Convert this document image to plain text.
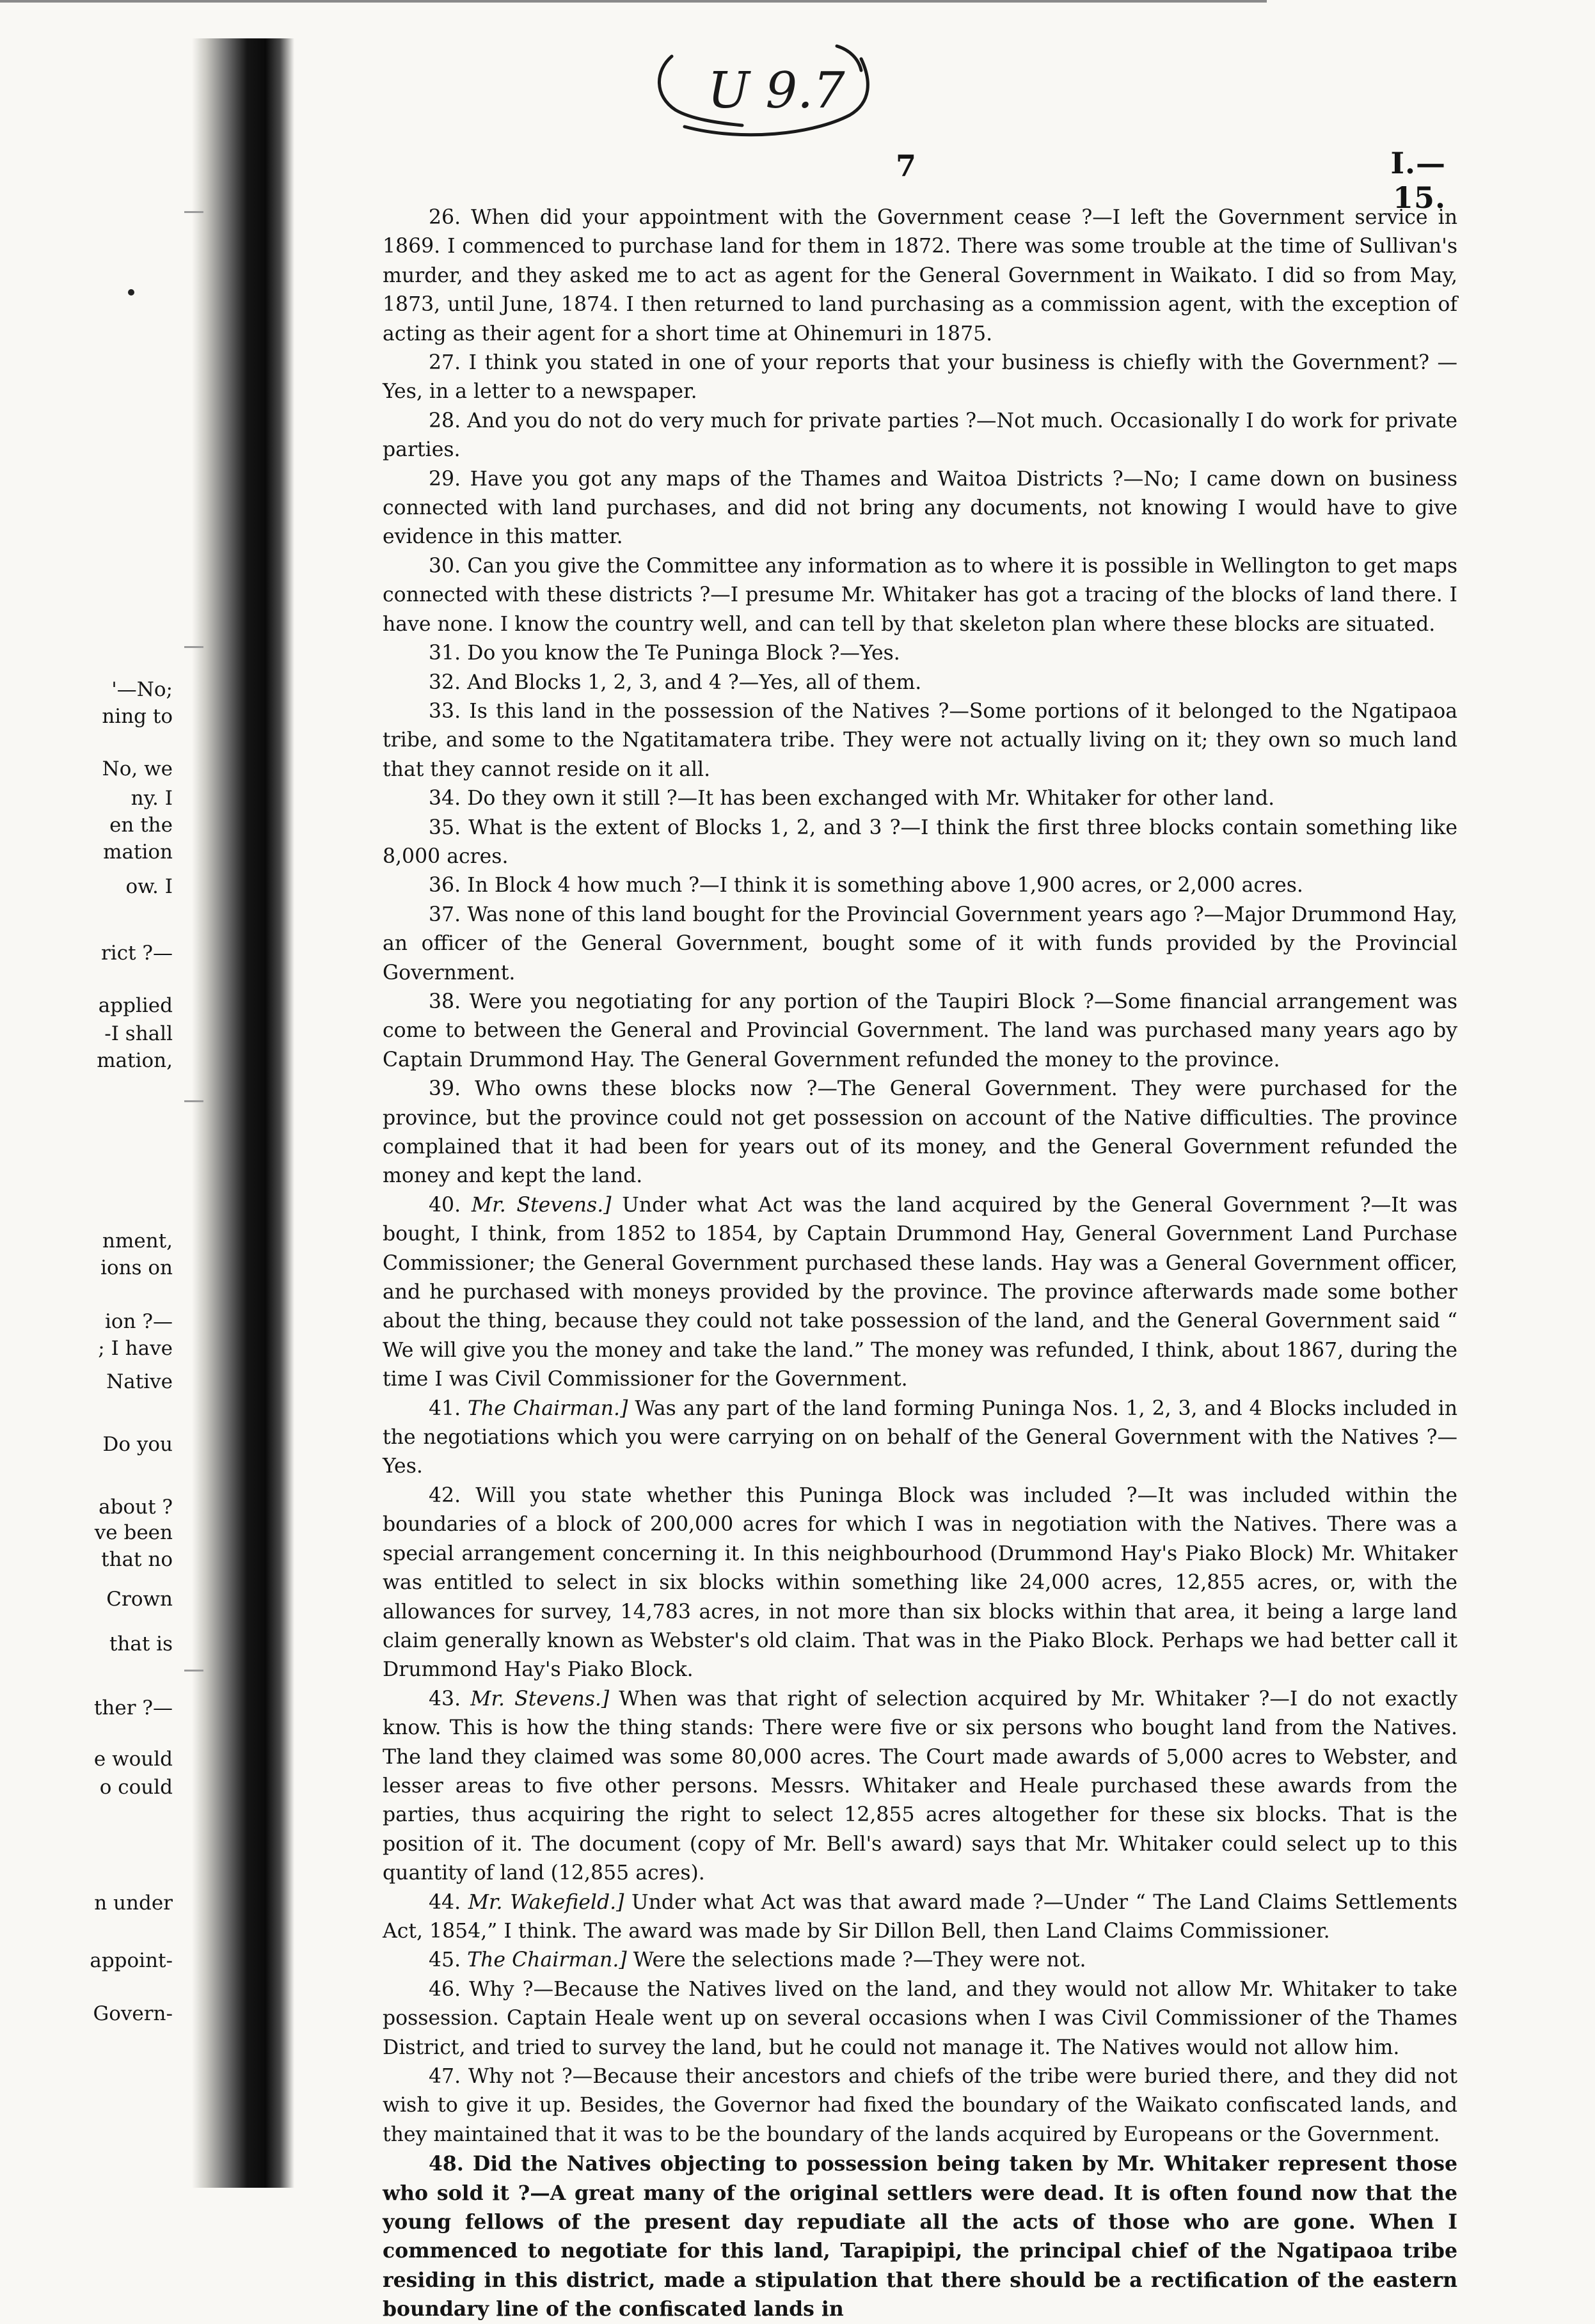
'—No;
ning to
No, we
ny. I
en the
mation
ow. I
rict ?—
applied
-I shall
mation,
nment,
ions on
ion ?—
; I have
Native
Do you
about ?
ve been
that no
Crown
that is
ther ?—
e would
o could
n under
appoint-
Govern-
U 9.7
7	I.—15.

26. When did your appointment with the Government cease ?—I left the Government service in 1869. I commenced to purchase land for them in 1872. There was some trouble at the time of Sullivan's murder, and they asked me to act as agent for the General Government in Waikato. I did so from May, 1873, until June, 1874. I then returned to land purchasing as a commission agent, with the exception of acting as their agent for a short time at Ohinemuri in 1875.

27. I think you stated in one of your reports that your business is chiefly with the Government? —Yes, in a letter to a newspaper.

28. And you do not do very much for private parties ?—Not much. Occasionally I do work for private parties.

29. Have you got any maps of the Thames and Waitoa Districts ?—No; I came down on business connected with land purchases, and did not bring any documents, not knowing I would have to give evidence in this matter.

30. Can you give the Committee any information as to where it is possible in Wellington to get maps connected with these districts ?—I presume Mr. Whitaker has got a tracing of the blocks of land there. I have none. I know the country well, and can tell by that skeleton plan where these blocks are situated.

31. Do you know the Te Puninga Block ?—Yes.

32. And Blocks 1, 2, 3, and 4 ?—Yes, all of them.

33. Is this land in the possession of the Natives ?—Some portions of it belonged to the Ngatipaoa tribe, and some to the Ngatitamatera tribe. They were not actually living on it; they own so much land that they cannot reside on it all.

34. Do they own it still ?—It has been exchanged with Mr. Whitaker for other land.

35. What is the extent of Blocks 1, 2, and 3 ?—I think the first three blocks contain something like 8,000 acres.

36. In Block 4 how much ?—I think it is something above 1,900 acres, or 2,000 acres.

37. Was none of this land bought for the Provincial Government years ago ?—Major Drummond Hay, an officer of the General Government, bought some of it with funds provided by the Provincial Government.

38. Were you negotiating for any portion of the Taupiri Block ?—Some financial arrangement was come to between the General and Provincial Government. The land was purchased many years ago by Captain Drummond Hay. The General Government refunded the money to the province.

39. Who owns these blocks now ?—The General Government. They were purchased for the province, but the province could not get possession on account of the Native difficulties. The province complained that it had been for years out of its money, and the General Government refunded the money and kept the land.

40. Mr. Stevens.] Under what Act was the land acquired by the General Government ?—It was bought, I think, from 1852 to 1854, by Captain Drummond Hay, General Government Land Purchase Commissioner; the General Government purchased these lands. Hay was a General Government officer, and he purchased with moneys provided by the province. The province afterwards made some bother about the thing, because they could not take possession of the land, and the General Government said “ We will give you the money and take the land.” The money was refunded, I think, about 1867, during the time I was Civil Commissioner for the Government.

41. The Chairman.] Was any part of the land forming Puninga Nos. 1, 2, 3, and 4 Blocks included in the negotiations which you were carrying on on behalf of the General Government with the Natives ?—Yes.

42. Will you state whether this Puninga Block was included ?—It was included within the boundaries of a block of 200,000 acres for which I was in negotiation with the Natives. There was a special arrangement concerning it. In this neighbourhood (Drummond Hay's Piako Block) Mr. Whitaker was entitled to select in six blocks within something like 24,000 acres, 12,855 acres, or, with the allowances for survey, 14,783 acres, in not more than six blocks within that area, it being a large land claim generally known as Webster's old claim. That was in the Piako Block. Perhaps we had better call it Drummond Hay's Piako Block.

43. Mr. Stevens.] When was that right of selection acquired by Mr. Whitaker ?—I do not exactly know. This is how the thing stands: There were five or six persons who bought land from the Natives. The land they claimed was some 80,000 acres. The Court made awards of 5,000 acres to Webster, and lesser areas to five other persons. Messrs. Whitaker and Heale purchased these awards from the parties, thus acquiring the right to select 12,855 acres altogether for these six blocks. That is the position of it. The document (copy of Mr. Bell's award) says that Mr. Whitaker could select up to this quantity of land (12,855 acres).

44. Mr. Wakefield.] Under what Act was that award made ?—Under “ The Land Claims Settlements Act, 1854,” I think. The award was made by Sir Dillon Bell, then Land Claims Commissioner.

45. The Chairman.] Were the selections made ?—They were not.

46. Why ?—Because the Natives lived on the land, and they would not allow Mr. Whitaker to take possession. Captain Heale went up on several occasions when I was Civil Commissioner of the Thames District, and tried to survey the land, but he could not manage it. The Natives would not allow him.

47. Why not ?—Because their ancestors and chiefs of the tribe were buried there, and they did not wish to give it up. Besides, the Governor had fixed the boundary of the Waikato confiscated lands, and they maintained that it was to be the boundary of the lands acquired by Europeans or the Government.

48. Did the Natives objecting to possession being taken by Mr. Whitaker represent those who sold it ?—A great many of the original settlers were dead. It is often found now that the young fellows of the present day repudiate all the acts of those who are gone. When I commenced to negotiate for this land, Tarapipipi, the principal chief of the Ngatipaoa tribe residing in this district, made a stipulation that there should be a rectification of the eastern boundary line of the confiscated lands in
